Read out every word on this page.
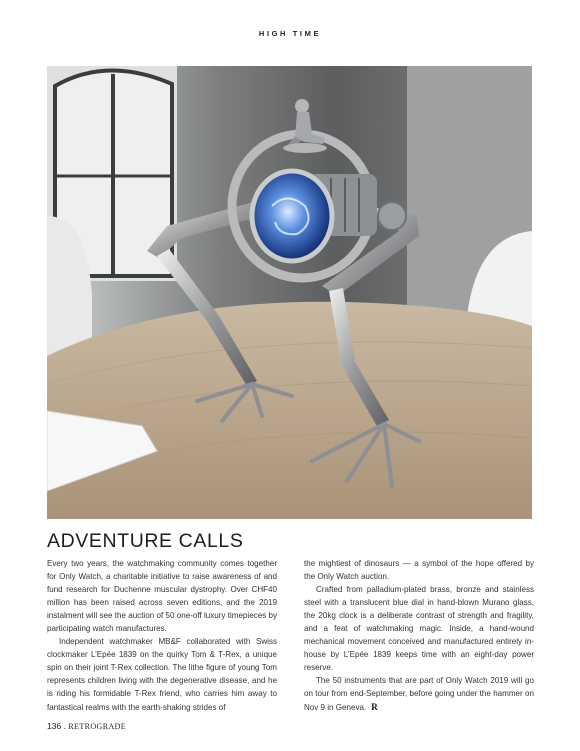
HIGH TIME
ADVENTURE CALLS

Every two years, the watchmaking community comes together for Only Watch, a charitable initiative to raise awareness of and fund research for Duchenne muscular dystrophy. Over CHF40 million has been raised across seven editions, and the 2019 instalment will see the auction of 50 one-off luxury timepieces by participating watch manufactures.

Independent watchmaker MB&F collaborated with Swiss clockmaker L’Epée 1839 on the quirky Tom & T-Rex, a unique spin on their joint T-Rex collection. The lithe figure of young Tom represents children living with the degenerative disease, and he is riding his formidable T-Rex friend, who carries him away to fantastical realms with the earth-shaking strides of

the mightiest of dinosaurs — a symbol of the hope offered by the Only Watch auction.

Crafted from palladium-plated brass, bronze and stainless steel with a translucent blue dial in hand-blown Murano glass, the 20kg clock is a deliberate contrast of strength and fragility, and a feat of watchmaking magic. Inside, a hand-wound mechanical movement conceived and manufactured entirely in-house by L’Epée 1839 keeps time with an eight-day power reserve.

The 50 instruments that are part of Only Watch 2019 will go on tour from end-September, before going under the hammer on Nov 9 in Geneva. R

136 . RETROGRADE
